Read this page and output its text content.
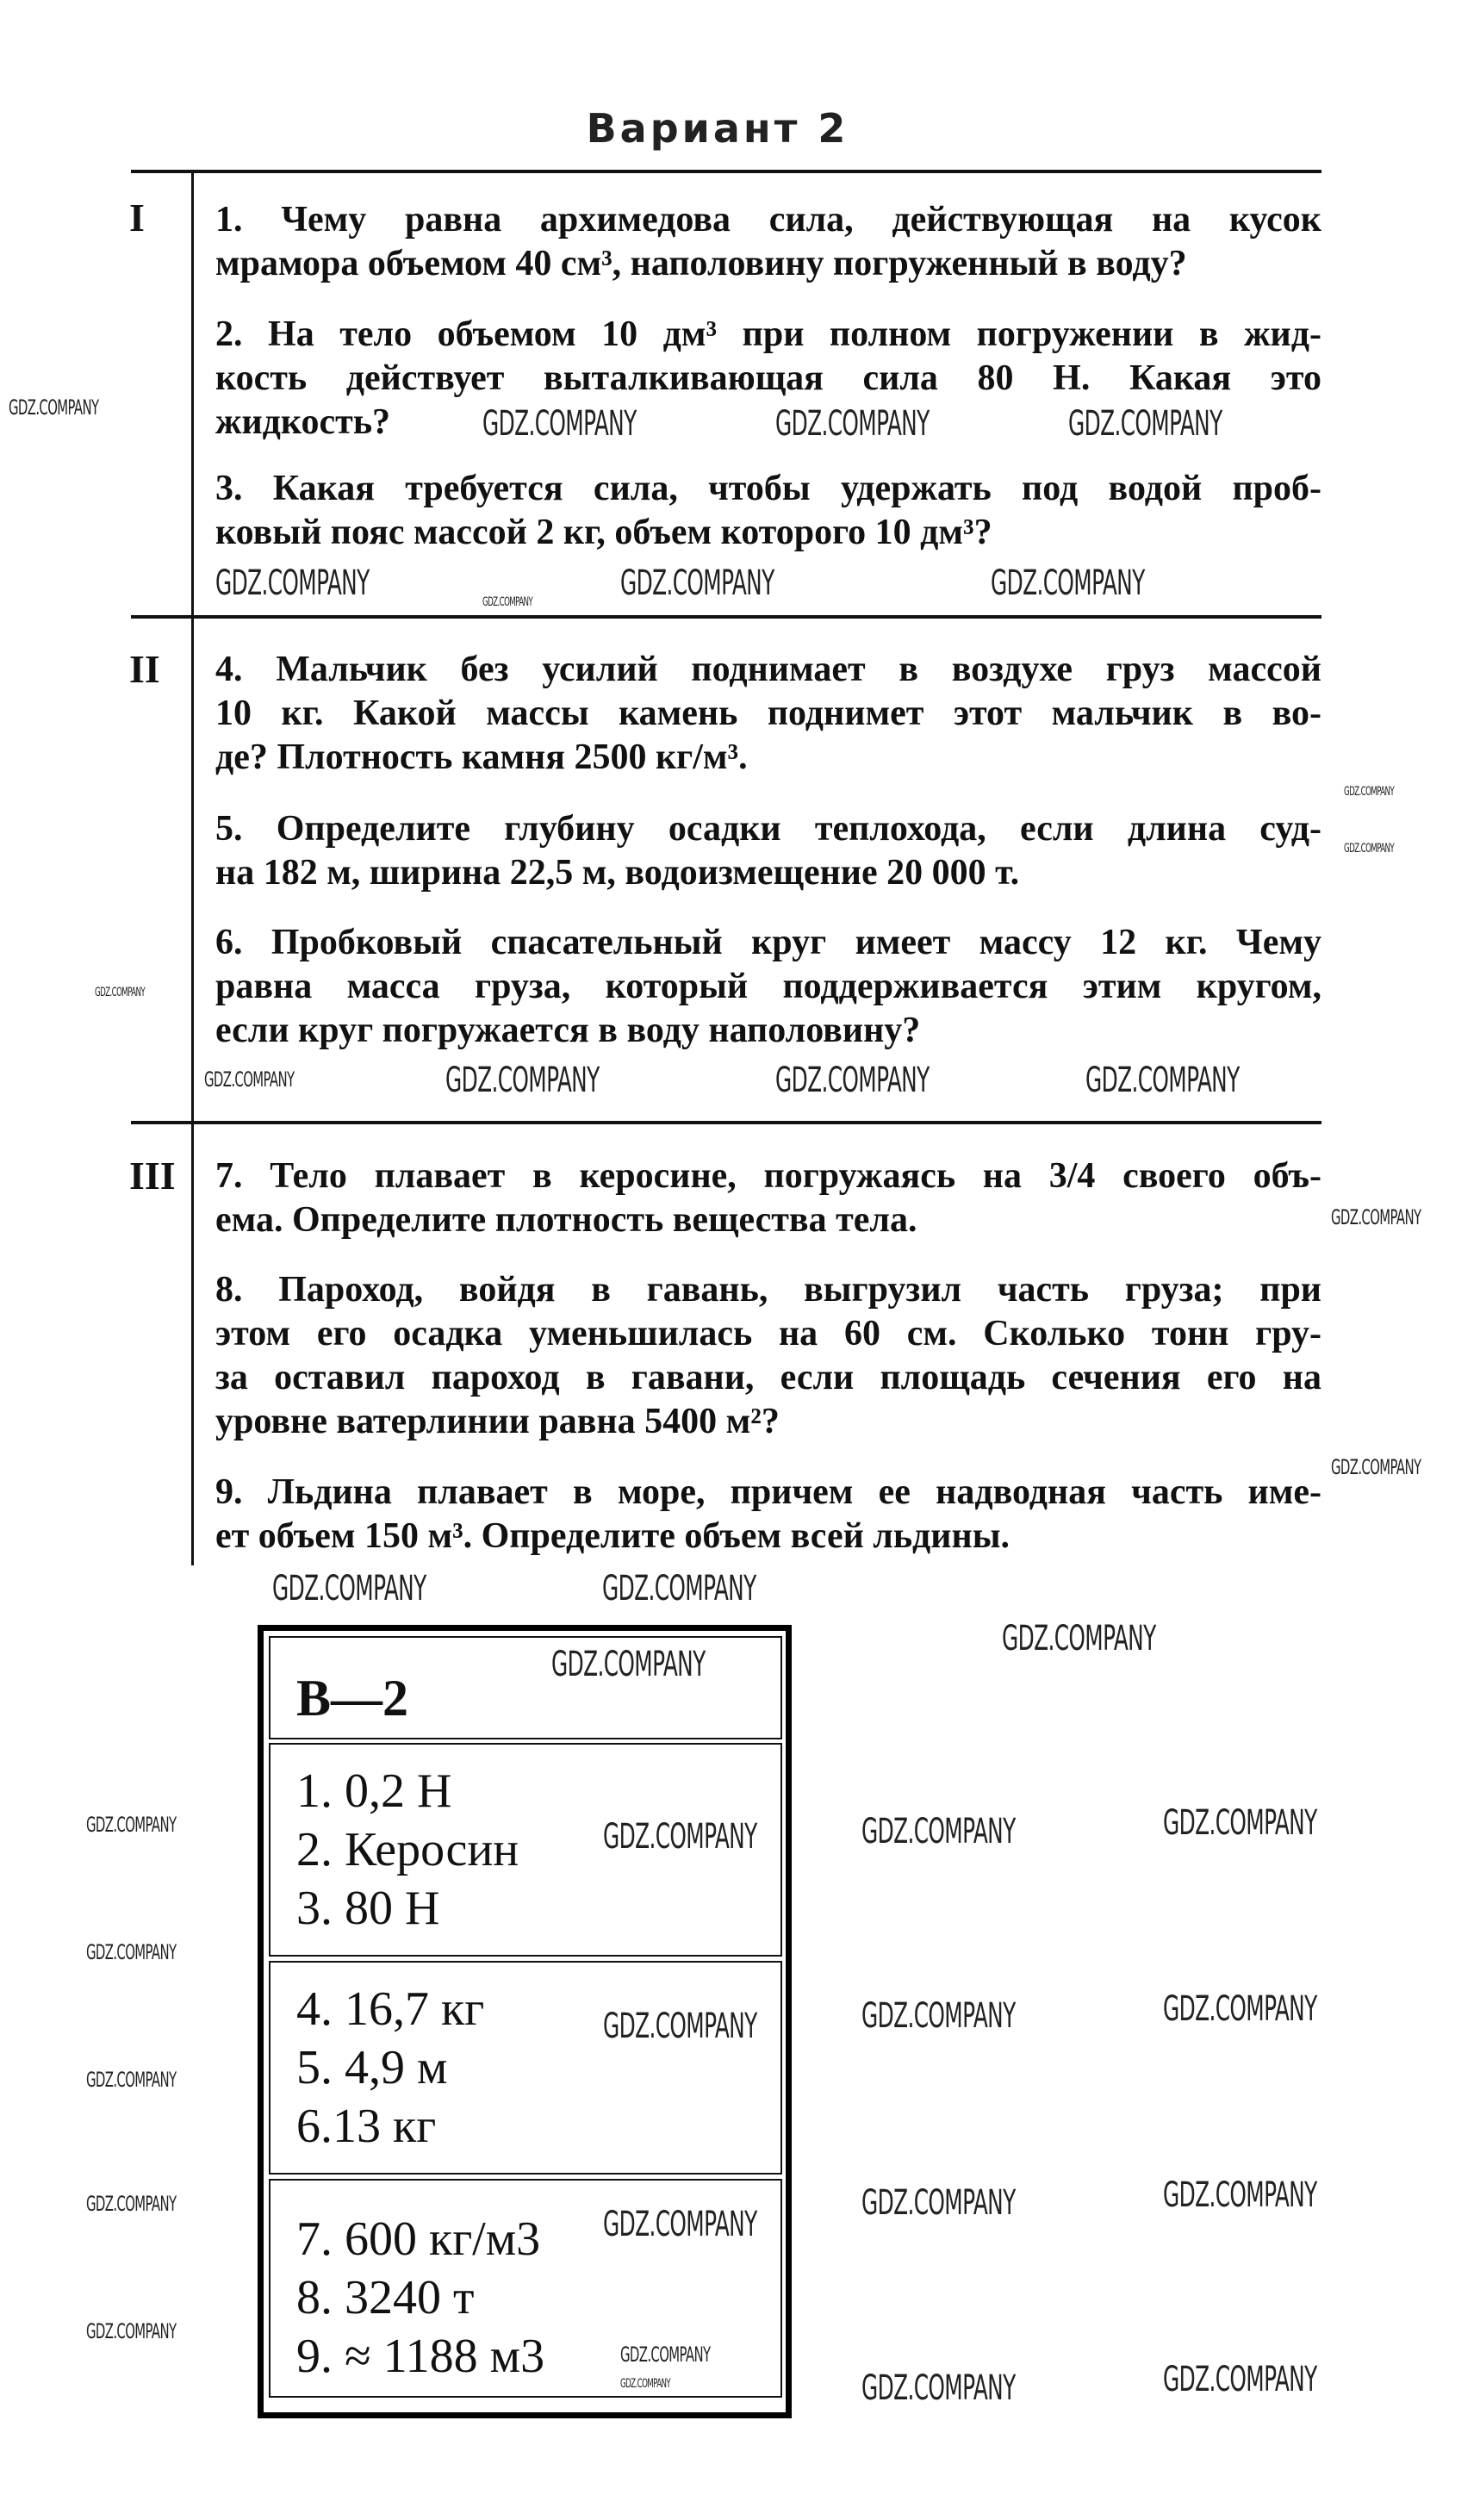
Вариант 2
I 1. Чему равна архимедова сила, действующая на кусок
мрамора объемом 40 см³, наполовину погруженный в воду?
2. На тело объемом 10 дм³ при полном погружении в жид-
кость действует выталкивающая сила 80 Н. Какая это
жидкость?
3. Какая требуется сила, чтобы удержать под водой проб-
ковый пояс массой 2 кг, объем которого 10 дм³?
II 4. Мальчик без усилий поднимает в воздухе груз массой
10 кг. Какой массы камень поднимет этот мальчик в во-
де? Плотность камня 2500 кг/м³.
5. Определите глубину осадки теплохода, если длина суд-
на 182 м, ширина 22,5 м, водоизмещение 20 000 т.
6. Пробковый спасательный круг имеет массу 12 кг. Чему
равна масса груза, который поддерживается этим кругом,
если круг погружается в воду наполовину?
III 7. Тело плавает в керосине, погружаясь на 3/4 своего объ-
ема. Определите плотность вещества тела.
8. Пароход, войдя в гавань, выгрузил часть груза; при
этом его осадка уменьшилась на 60 см. Сколько тонн гру-
за оставил пароход в гавани, если площадь сечения его на
уровне ватерлинии равна 5400 м²?
9. Льдина плавает в море, причем ее надводная часть име-
ет объем 150 м³. Определите объем всей льдины.
В—2
1. 0,2 Н
2. Керосин
3. 80 Н
4. 16,7 кг
5. 4,9 м
6.13 кг
7. 600 кг/м3
8. 3240 т
9. ≈ 1188 м3
GDZ.COMPANY	GDZ.COMPANY	GDZ.COMPANY	GDZ.COMPANY
GDZ.COMPANY	GDZ.COMPANY	GDZ.COMPANY	GDZ.COMPANY
GDZ.COMPANY
GDZ.COMPANY
GDZ.COMPANY
GDZ.COMPANY	GDZ.COMPANY	GDZ.COMPANY	GDZ.COMPANY
GDZ.COMPANY
GDZ.COMPANY
GDZ.COMPANY	GDZ.COMPANY
GDZ.COMPANY
GDZ.COMPANY
GDZ.COMPANY	GDZ.COMPANY	GDZ.COMPANY	GDZ.COMPANY
GDZ.COMPANY
GDZ.COMPANY	GDZ.COMPANY	GDZ.COMPANY
GDZ.COMPANY
GDZ.COMPANY
GDZ.COMPANY
GDZ.COMPANY	GDZ.COMPANY
GDZ.COMPANY
GDZ.COMPANY
GDZ.COMPANY	GDZ.COMPANY	GDZ.COMPANY
